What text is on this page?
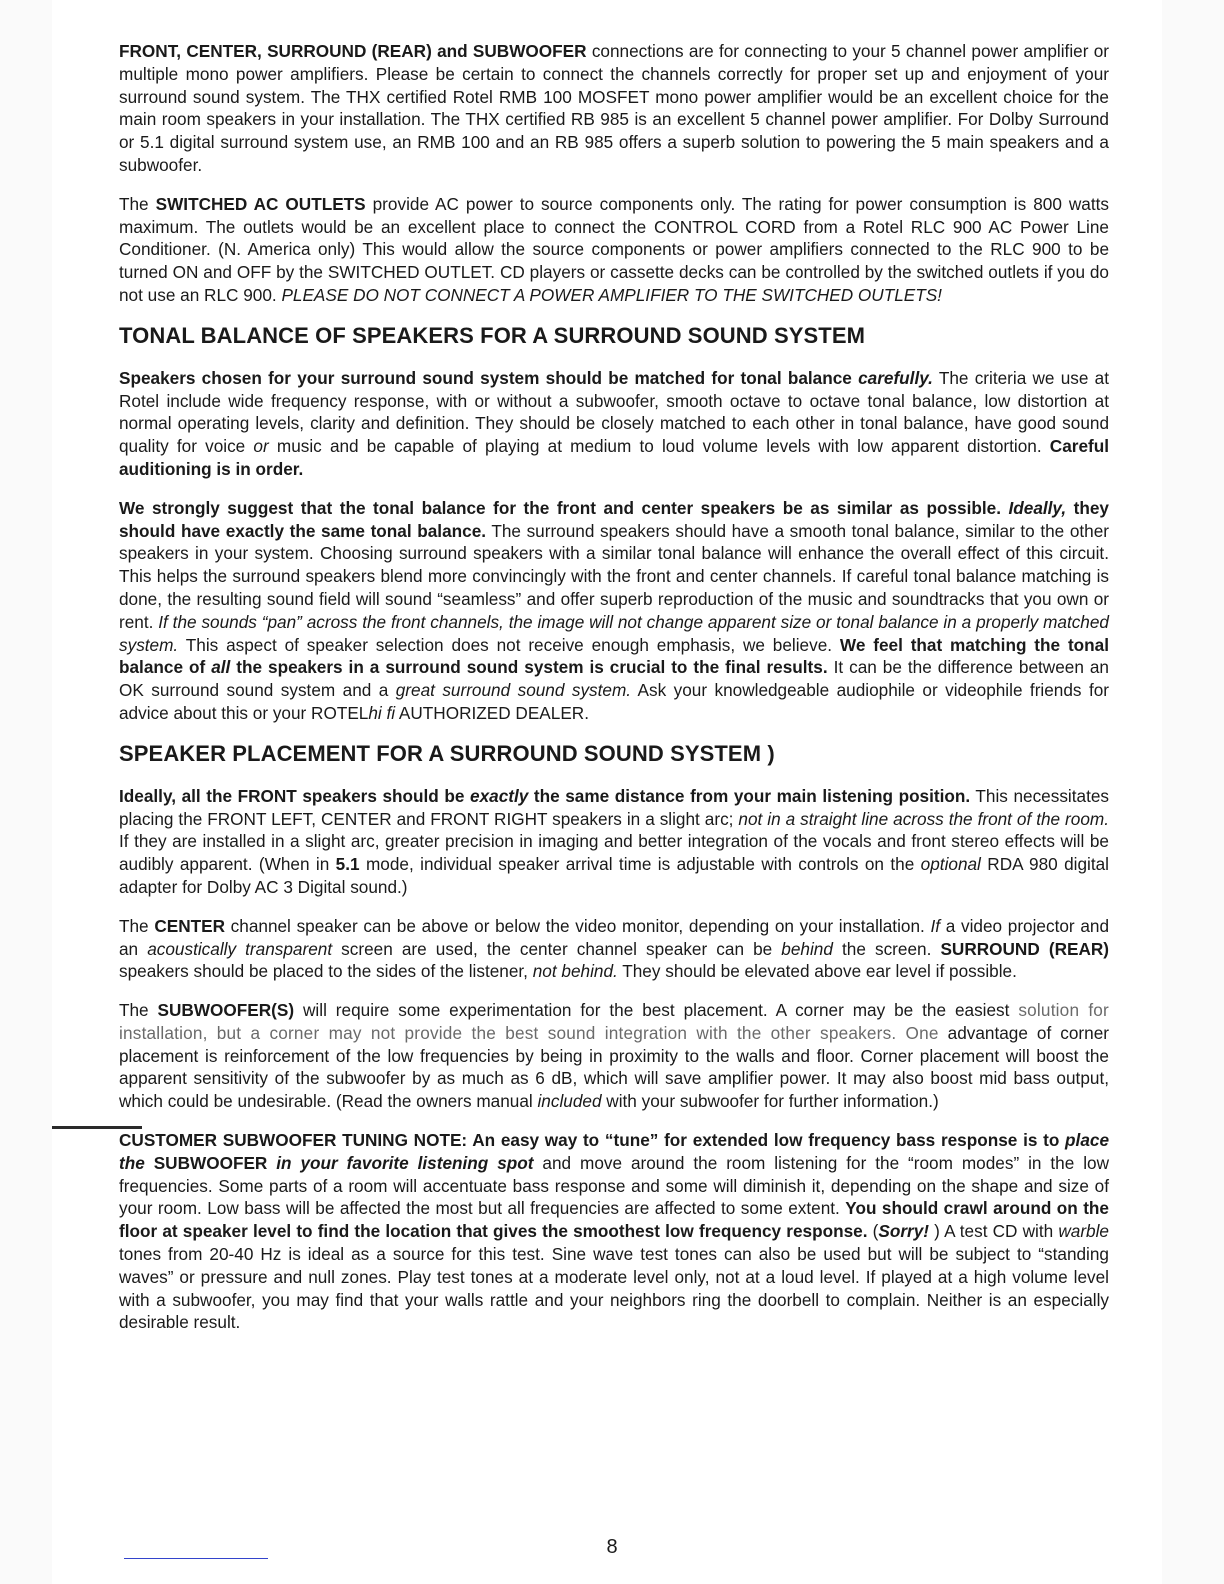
FRONT, CENTER, SURROUND (REAR) and SUBWOOFER connections are for connecting to your 5 channel power amplifier or multiple mono power amplifiers. Please be certain to connect the channels correctly for proper set up and enjoyment of your surround sound system. The THX certified Rotel RMB 100 MOSFET mono power amplifier would be an excellent choice for the main room speakers in your installation. The THX certified RB 985 is an excellent 5 channel power amplifier. For Dolby Surround or 5.1 digital surround system use, an RMB 100 and an RB 985 offers a superb solution to powering the 5 main speakers and a subwoofer.

The SWITCHED AC OUTLETS provide AC power to source components only. The rating for power consumption is 800 watts maximum. The outlets would be an excellent place to connect the CONTROL CORD from a Rotel RLC 900 AC Power Line Conditioner. (N. America only) This would allow the source components or power amplifiers connected to the RLC 900 to be turned ON and OFF by the SWITCHED OUTLET. CD players or cassette decks can be controlled by the switched outlets if you do not use an RLC 900. PLEASE DO NOT CONNECT A POWER AMPLIFIER TO THE SWITCHED OUTLETS!

TONAL BALANCE OF SPEAKERS FOR A SURROUND SOUND SYSTEM

Speakers chosen for your surround sound system should be matched for tonal balance carefully. The criteria we use at Rotel include wide frequency response, with or without a subwoofer, smooth octave to octave tonal balance, low distortion at normal operating levels, clarity and definition. They should be closely matched to each other in tonal balance, have good sound quality for voice or music and be capable of playing at medium to loud volume levels with low apparent distortion. Careful auditioning is in order.

We strongly suggest that the tonal balance for the front and center speakers be as similar as possible. Ideally, they should have exactly the same tonal balance. The surround speakers should have a smooth tonal balance, similar to the other speakers in your system. Choosing surround speakers with a similar tonal balance will enhance the overall effect of this circuit. This helps the surround speakers blend more convincingly with the front and center channels. If careful tonal balance matching is done, the resulting sound field will sound “seamless” and offer superb reproduction of the music and soundtracks that you own or rent. If the sounds “pan” across the front channels, the image will not change apparent size or tonal balance in a properly matched system. This aspect of speaker selection does not receive enough emphasis, we believe. We feel that matching the tonal balance of all the speakers in a surround sound system is crucial to the final results. It can be the difference between an OK surround sound system and a great surround sound system. Ask your knowledgeable audiophile or videophile friends for advice about this or your ROTELhi fi AUTHORIZED DEALER.

SPEAKER PLACEMENT FOR A SURROUND SOUND SYSTEM )

Ideally, all the FRONT speakers should be exactly the same distance from your main listening position. This necessitates placing the FRONT LEFT, CENTER and FRONT RIGHT speakers in a slight arc; not in a straight line across the front of the room. If they are installed in a slight arc, greater precision in imaging and better integration of the vocals and front stereo effects will be audibly apparent. (When in 5.1 mode, individual speaker arrival time is adjustable with controls on the optional RDA 980 digital adapter for Dolby AC 3 Digital sound.)

The CENTER channel speaker can be above or below the video monitor, depending on your installation. If a video projector and an acoustically transparent screen are used, the center channel speaker can be behind the screen. SURROUND (REAR) speakers should be placed to the sides of the listener, not behind. They should be elevated above ear level if possible.

The SUBWOOFER(S) will require some experimentation for the best placement. A corner may be the easiest solution for installation, but a corner may not provide the best sound integration with the other speakers. One advantage of corner placement is reinforcement of the low frequencies by being in proximity to the walls and floor. Corner placement will boost the apparent sensitivity of the subwoofer by as much as 6 dB, which will save amplifier power. It may also boost mid bass output, which could be undesirable. (Read the owners manual included with your subwoofer for further information.)

CUSTOMER SUBWOOFER TUNING NOTE: An easy way to “tune” for extended low frequency bass response is to place the SUBWOOFER in your favorite listening spot and move around the room listening for the “room modes” in the low frequencies. Some parts of a room will accentuate bass response and some will diminish it, depending on the shape and size of your room. Low bass will be affected the most but all frequencies are affected to some extent. You should crawl around on the floor at speaker level to find the location that gives the smoothest low frequency response. (Sorry! ) A test CD with warble tones from 20-40 Hz is ideal as a source for this test. Sine wave test tones can also be used but will be subject to “standing waves” or pressure and null zones. Play test tones at a moderate level only, not at a loud level. If played at a high volume level with a subwoofer, you may find that your walls rattle and your neighbors ring the doorbell to complain. Neither is an especially desirable result.

8
